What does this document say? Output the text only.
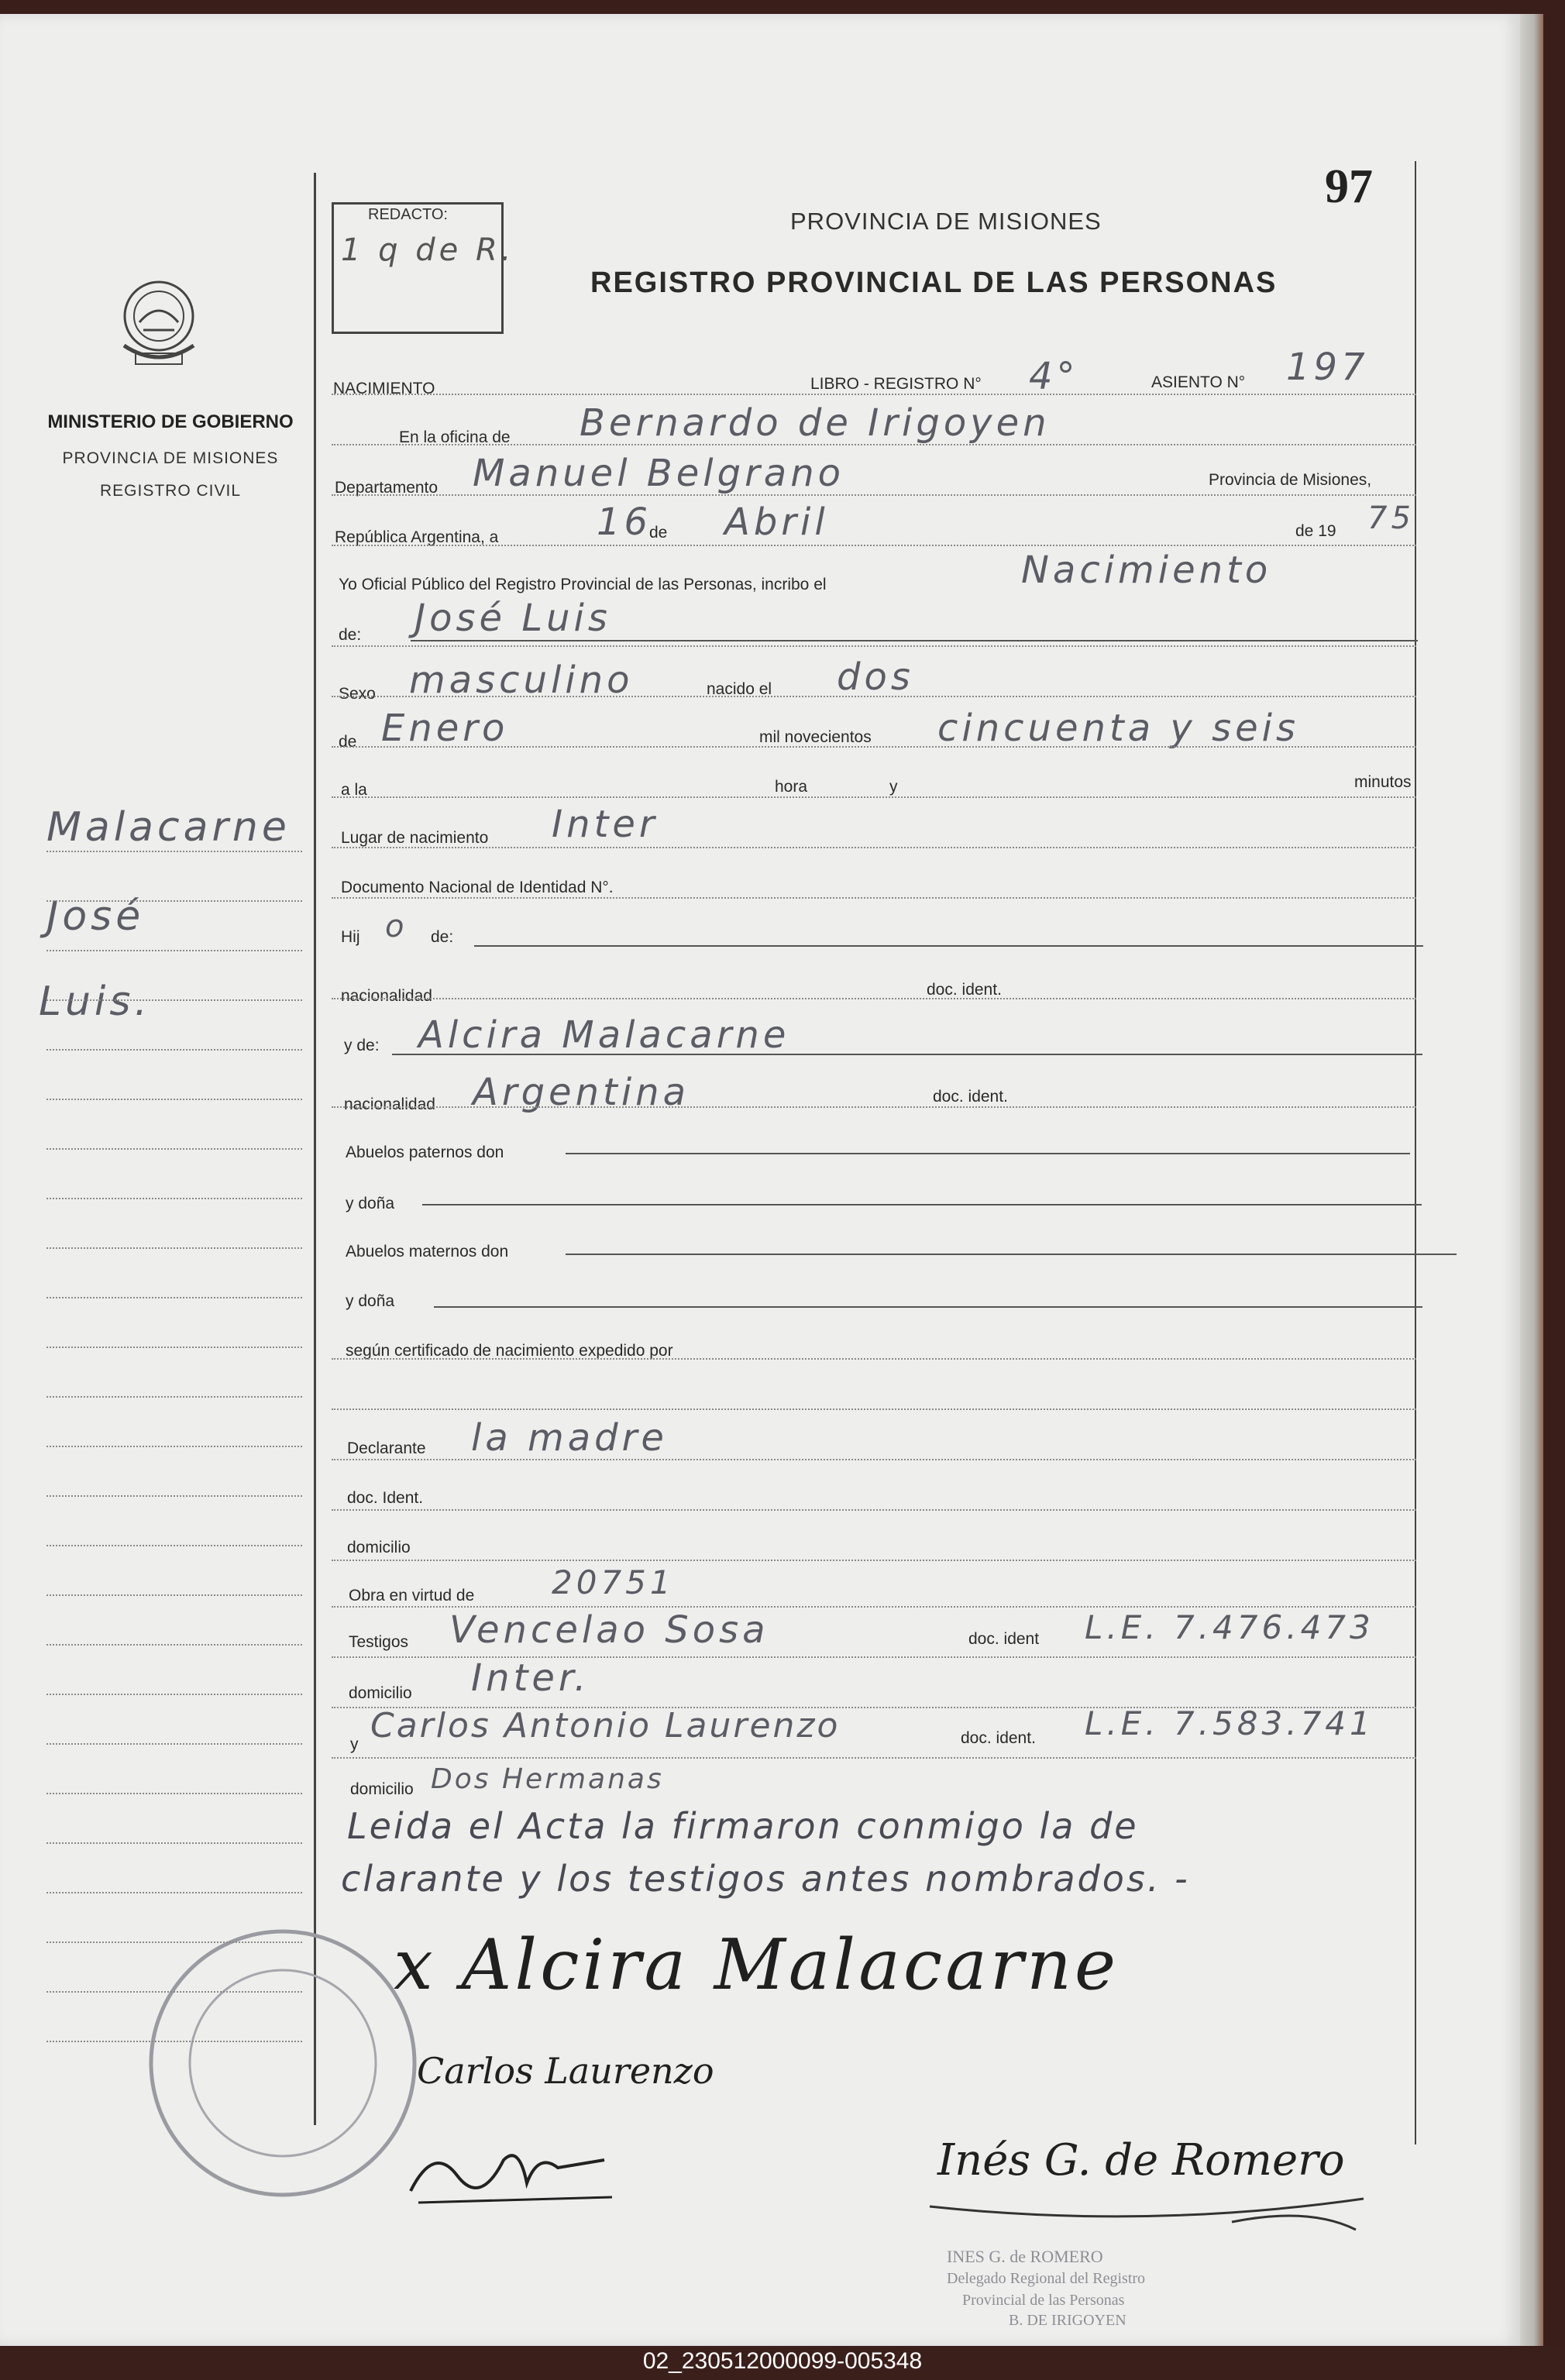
97
PROVINCIA DE MISIONES
REGISTRO PROVINCIAL DE LAS PERSONAS
REDACTO:
1 q de R.
MINISTERIO DE GOBIERNO
PROVINCIA DE MISIONES
REGISTRO CIVIL
Malacarne
José
Luis.
NACIMIENTO	LIBRO - REGISTRO N° 4°	ASIENTO N° 197
En la oficina de Bernardo de Irigoyen
Departamento Manuel Belgrano	Provincia de Misiones,
República Argentina, a	16
de Abril	de 19 75
Yo Oficial Público del Registro Provincial de las Personas, incribo el	Nacimiento
de: José Luis
Sexo masculino	nacido el dos
de Enero	mil novecientos cincuenta y seis
a la	hora	y	minutos
Lugar de nacimiento Inter
Documento Nacional de Identidad N°.
Hij o de:
nacionalidad	doc. ident.
y de: Alcira Malacarne
nacionalidad Argentina	doc. ident.
Abuelos paternos don
y doña
Abuelos maternos don
y doña
según certificado de nacimiento expedido por
Declarante la madre
doc. Ident.
domicilio
Obra en virtud de 20751
Testigos Vencelao Sosa	doc. ident L.E. 7.476.473
domicilio Inter.
y Carlos Antonio Laurenzo	doc. ident. L.E. 7.583.741
domicilio Dos Hermanas
Leida el Acta la firmaron conmigo la de
clarante y los testigos antes nombrados. -
x Alcira Malacarne
Carlos Laurenzo
Inés G. de Romero
INES G. de ROMERO
Delegado Regional del Registro
Provincial de las Personas
B. DE IRIGOYEN
02_230512000099-005348
